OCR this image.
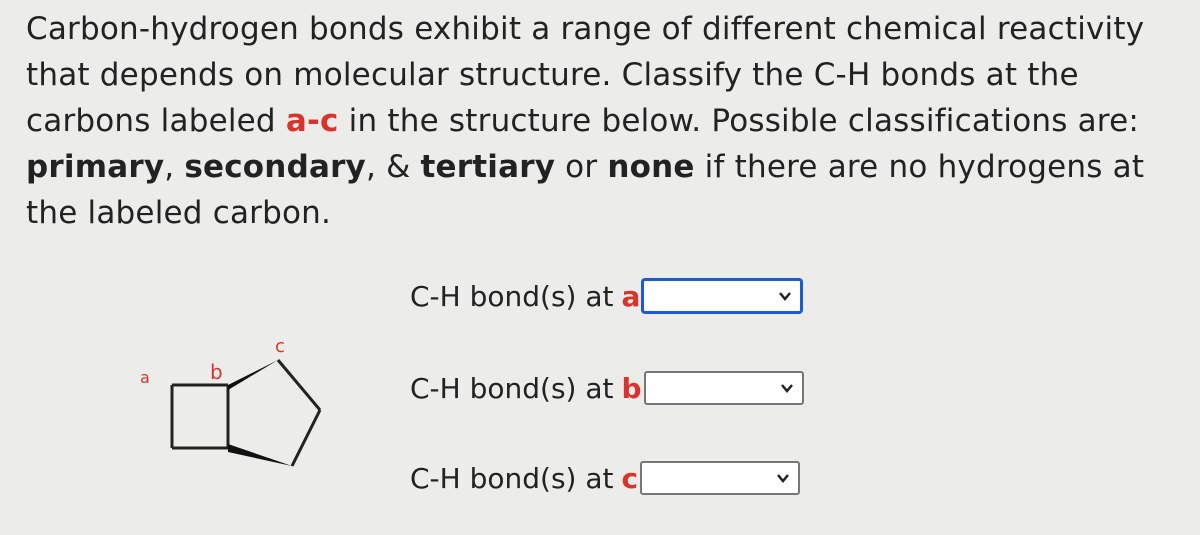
Carbon-hydrogen bonds exhibit a range of different chemical reactivity that depends on molecular structure. Classify the C-H bonds at the carbons labeled a-c in the structure below. Possible classifications are: primary, secondary, & tertiary or none if there are no hydrogens at the labeled carbon.
a	b
c
C-H bond(s) at a
C-H bond(s) at b
C-H bond(s) at c
